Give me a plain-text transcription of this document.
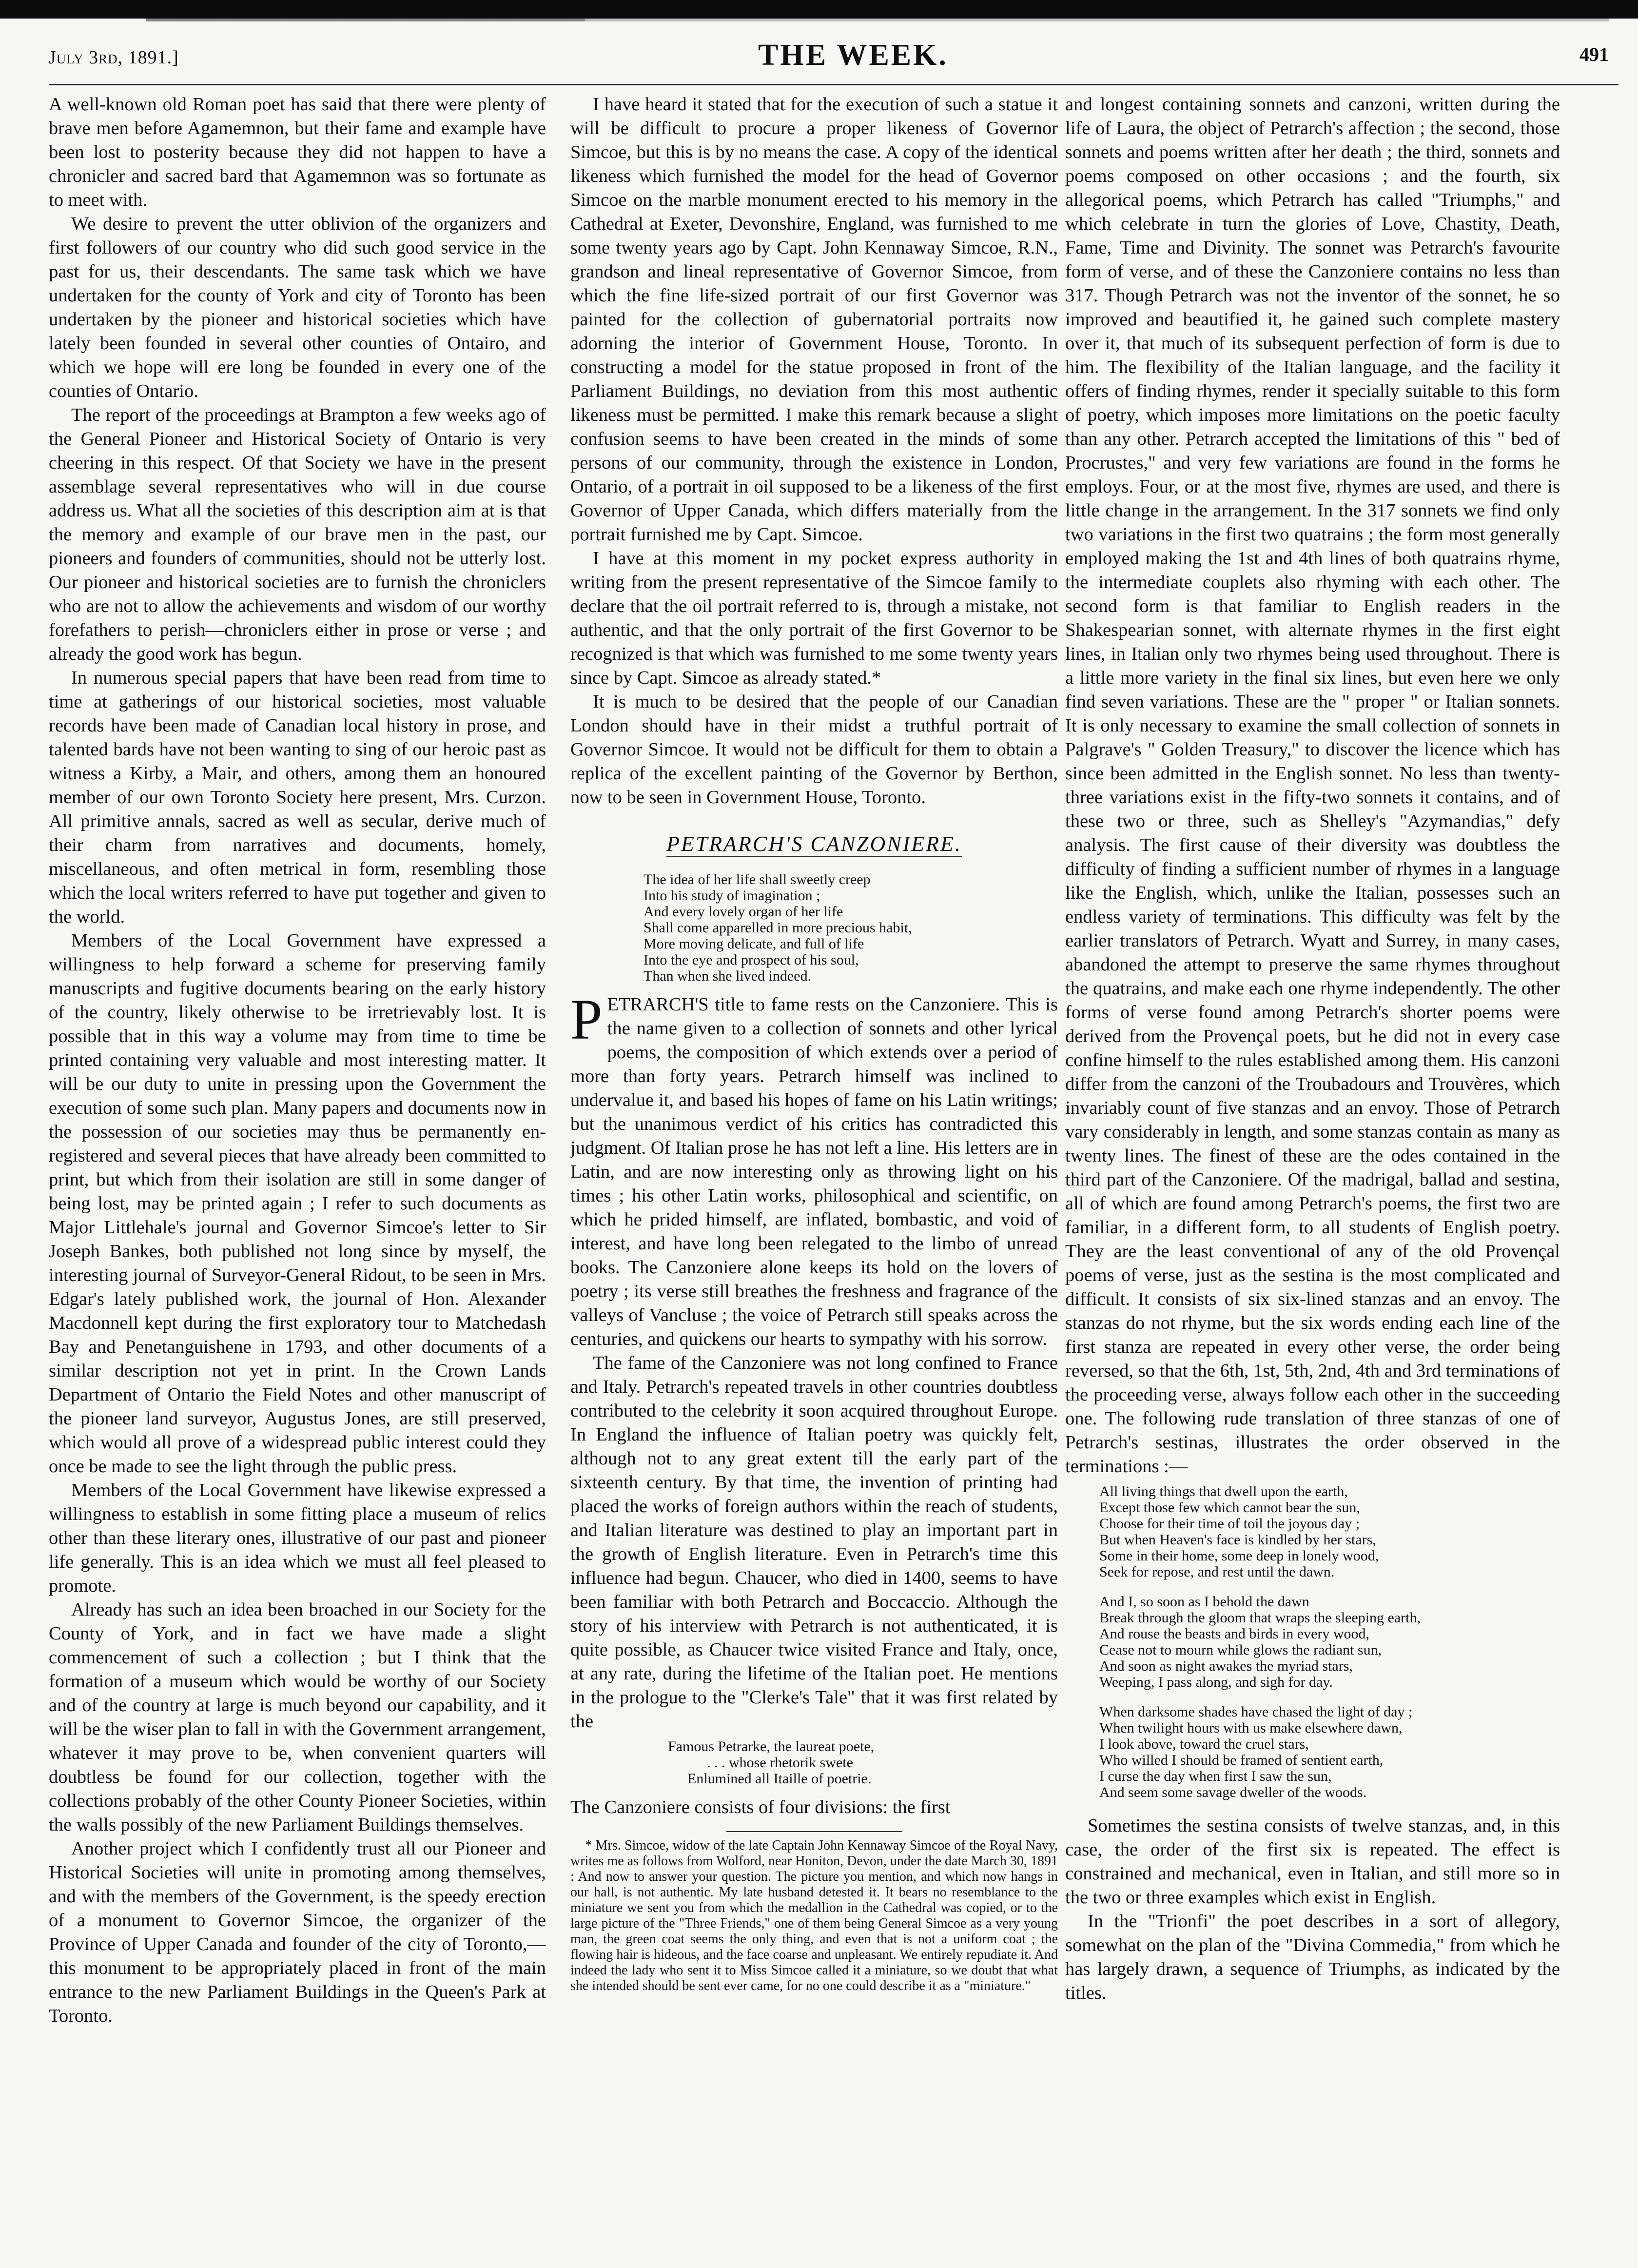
July 3rd, 1891.]	THE WEEK.	491

A well-known old Roman poet has said that there were plenty of brave men before Agamemnon, but their fame and example have been lost to posterity because they did not happen to have a chronicler and sacred bard that Agamemnon was so fortunate as to meet with.

We desire to prevent the utter oblivion of the organizers and first followers of our country who did such good service in the past for us, their descendants. The same task which we have undertaken for the county of York and city of Toronto has been undertaken by the pioneer and historical societies which have lately been founded in several other counties of Ontairo, and which we hope will ere long be founded in every one of the counties of Ontario.

The report of the proceedings at Brampton a few weeks ago of the General Pioneer and Historical Society of Ontario is very cheering in this respect. Of that Society we have in the present assemblage several representatives who will in due course address us. What all the societies of this description aim at is that the memory and example of our brave men in the past, our pioneers and founders of communities, should not be utterly lost. Our pioneer and historical societies are to furnish the chroniclers who are not to allow the achievements and wisdom of our worthy forefathers to perish—chroniclers either in prose or verse ; and already the good work has begun.

In numerous special papers that have been read from time to time at gatherings of our historical societies, most valuable records have been made of Canadian local history in prose, and talented bards have not been wanting to sing of our heroic past as witness a Kirby, a Mair, and others, among them an honoured member of our own Toronto Society here present, Mrs. Curzon. All primitive annals, sacred as well as secular, derive much of their charm from narratives and documents, homely, miscellaneous, and often metrical in form, resembling those which the local writers referred to have put together and given to the world.

Members of the Local Government have expressed a willingness to help forward a scheme for preserving family manuscripts and fugitive documents bearing on the early history of the country, likely otherwise to be irretrievably lost. It is possible that in this way a volume may from time to time be printed containing very valuable and most interesting matter. It will be our duty to unite in pressing upon the Government the execution of some such plan. Many papers and documents now in the possession of our societies may thus be permanently en-registered and several pieces that have already been committed to print, but which from their isolation are still in some danger of being lost, may be printed again ; I refer to such documents as Major Littlehale's journal and Governor Simcoe's letter to Sir Joseph Bankes, both published not long since by myself, the interesting journal of Surveyor-General Ridout, to be seen in Mrs. Edgar's lately published work, the journal of Hon. Alexander Macdonnell kept during the first exploratory tour to Matchedash Bay and Penetanguishene in 1793, and other documents of a similar description not yet in print. In the Crown Lands Department of Ontario the Field Notes and other manuscript of the pioneer land surveyor, Augustus Jones, are still preserved, which would all prove of a widespread public interest could they once be made to see the light through the public press.

Members of the Local Government have likewise expressed a willingness to establish in some fitting place a museum of relics other than these literary ones, illustrative of our past and pioneer life generally. This is an idea which we must all feel pleased to promote.

Already has such an idea been broached in our Society for the County of York, and in fact we have made a slight commencement of such a collection ; but I think that the formation of a museum which would be worthy of our Society and of the country at large is much beyond our capability, and it will be the wiser plan to fall in with the Government arrangement, whatever it may prove to be, when convenient quarters will doubtless be found for our collection, together with the collections probably of the other County Pioneer Societies, within the walls possibly of the new Parliament Buildings themselves.

Another project which I confidently trust all our Pioneer and Historical Societies will unite in promoting among themselves, and with the members of the Government, is the speedy erection of a monument to Governor Simcoe, the organizer of the Province of Upper Canada and founder of the city of Toronto,—this monument to be appropriately placed in front of the main entrance to the new Parliament Buildings in the Queen's Park at Toronto.

I have heard it stated that for the execution of such a statue it will be difficult to procure a proper likeness of Governor Simcoe, but this is by no means the case. A copy of the identical likeness which furnished the model for the head of Governor Simcoe on the marble monument erected to his memory in the Cathedral at Exeter, Devonshire, England, was furnished to me some twenty years ago by Capt. John Kennaway Simcoe, R.N., grandson and lineal representative of Governor Simcoe, from which the fine life-sized portrait of our first Governor was painted for the collection of gubernatorial portraits now adorning the interior of Government House, Toronto. In constructing a model for the statue proposed in front of the Parliament Buildings, no deviation from this most authentic likeness must be permitted. I make this remark because a slight confusion seems to have been created in the minds of some persons of our community, through the existence in London, Ontario, of a portrait in oil supposed to be a likeness of the first Governor of Upper Canada, which differs materially from the portrait furnished me by Capt. Simcoe.

I have at this moment in my pocket express authority in writing from the present representative of the Simcoe family to declare that the oil portrait referred to is, through a mistake, not authentic, and that the only portrait of the first Governor to be recognized is that which was furnished to me some twenty years since by Capt. Simcoe as already stated.*

It is much to be desired that the people of our Canadian London should have in their midst a truthful portrait of Governor Simcoe. It would not be difficult for them to obtain a replica of the excellent painting of the Governor by Berthon, now to be seen in Government House, Toronto.

PETRARCH'S CANZONIERE.
The idea of her life shall sweetly creep
Into his study of imagination ;
And every lovely organ of her life
Shall come apparelled in more precious habit,
More moving delicate, and full of life
Into the eye and prospect of his soul,
Than when she lived indeed.

PETRARCH'S title to fame rests on the Canzoniere. This is the name given to a collection of sonnets and other lyrical poems, the composition of which extends over a period of more than forty years. Petrarch himself was inclined to undervalue it, and based his hopes of fame on his Latin writings; but the unanimous verdict of his critics has contradicted this judgment. Of Italian prose he has not left a line. His letters are in Latin, and are now interesting only as throwing light on his times ; his other Latin works, philosophical and scientific, on which he prided himself, are inflated, bombastic, and void of interest, and have long been relegated to the limbo of unread books. The Canzoniere alone keeps its hold on the lovers of poetry ; its verse still breathes the freshness and fragrance of the valleys of Vancluse ; the voice of Petrarch still speaks across the centuries, and quickens our hearts to sympathy with his sorrow.

The fame of the Canzoniere was not long confined to France and Italy. Petrarch's repeated travels in other countries doubtless contributed to the celebrity it soon acquired throughout Europe. In England the influence of Italian poetry was quickly felt, although not to any great extent till the early part of the sixteenth century. By that time, the invention of printing had placed the works of foreign authors within the reach of students, and Italian literature was destined to play an important part in the growth of English literature. Even in Petrarch's time this influence had begun. Chaucer, who died in 1400, seems to have been familiar with both Petrarch and Boccaccio. Although the story of his interview with Petrarch is not authenticated, it is quite possible, as Chaucer twice visited France and Italy, once, at any rate, during the lifetime of the Italian poet. He mentions in the prologue to the "Clerke's Tale" that it was first related by the

Famous Petrarke, the laureat poete,
. . . whose rhetorik swete
Enlumined all Itaille of poetrie.

The Canzoniere consists of four divisions: the first

* Mrs. Simcoe, widow of the late Captain John Kennaway Simcoe of the Royal Navy, writes me as follows from Wolford, near Honiton, Devon, under the date March 30, 1891 : And now to answer your question. The picture you mention, and which now hangs in our hall, is not authentic. My late husband detested it. It bears no resemblance to the miniature we sent you from which the medallion in the Cathedral was copied, or to the large picture of the "Three Friends," one of them being General Simcoe as a very young man, the green coat seems the only thing, and even that is not a uniform coat ; the flowing hair is hideous, and the face coarse and unpleasant. We entirely repudiate it. And indeed the lady who sent it to Miss Simcoe called it a miniature, so we doubt that what she intended should be sent ever came, for no one could describe it as a "miniature."

and longest containing sonnets and canzoni, written during the life of Laura, the object of Petrarch's affection ; the second, those sonnets and poems written after her death ; the third, sonnets and poems composed on other occasions ; and the fourth, six allegorical poems, which Petrarch has called "Triumphs," and which celebrate in turn the glories of Love, Chastity, Death, Fame, Time and Divinity. The sonnet was Petrarch's favourite form of verse, and of these the Canzoniere contains no less than 317. Though Petrarch was not the inventor of the sonnet, he so improved and beautified it, he gained such complete mastery over it, that much of its subsequent perfection of form is due to him. The flexibility of the Italian language, and the facility it offers of finding rhymes, render it specially suitable to this form of poetry, which imposes more limitations on the poetic faculty than any other. Petrarch accepted the limitations of this " bed of Procrustes," and very few variations are found in the forms he employs. Four, or at the most five, rhymes are used, and there is little change in the arrangement. In the 317 sonnets we find only two variations in the first two quatrains ; the form most generally employed making the 1st and 4th lines of both quatrains rhyme, the intermediate couplets also rhyming with each other. The second form is that familiar to English readers in the Shakespearian sonnet, with alternate rhymes in the first eight lines, in Italian only two rhymes being used throughout. There is a little more variety in the final six lines, but even here we only find seven variations. These are the " proper " or Italian sonnets. It is only necessary to examine the small collection of sonnets in Palgrave's " Golden Treasury," to discover the licence which has since been admitted in the English sonnet. No less than twenty-three variations exist in the fifty-two sonnets it contains, and of these two or three, such as Shelley's "Azymandias," defy analysis. The first cause of their diversity was doubtless the difficulty of finding a sufficient number of rhymes in a language like the English, which, unlike the Italian, possesses such an endless variety of terminations. This difficulty was felt by the earlier translators of Petrarch. Wyatt and Surrey, in many cases, abandoned the attempt to preserve the same rhymes throughout the quatrains, and make each one rhyme independently. The other forms of verse found among Petrarch's shorter poems were derived from the Provençal poets, but he did not in every case confine himself to the rules established among them. His canzoni differ from the canzoni of the Troubadours and Trouvères, which invariably count of five stanzas and an envoy. Those of Petrarch vary considerably in length, and some stanzas contain as many as twenty lines. The finest of these are the odes contained in the third part of the Canzoniere. Of the madrigal, ballad and sestina, all of which are found among Petrarch's poems, the first two are familiar, in a different form, to all students of English poetry. They are the least conventional of any of the old Provençal poems of verse, just as the sestina is the most complicated and difficult. It consists of six six-lined stanzas and an envoy. The stanzas do not rhyme, but the six words ending each line of the first stanza are repeated in every other verse, the order being reversed, so that the 6th, 1st, 5th, 2nd, 4th and 3rd terminations of the proceeding verse, always follow each other in the succeeding one. The following rude translation of three stanzas of one of Petrarch's sestinas, illustrates the order observed in the terminations :—

All living things that dwell upon the earth,
Except those few which cannot bear the sun,
Choose for their time of toil the joyous day ;
But when Heaven's face is kindled by her stars,
Some in their home, some deep in lonely wood,
Seek for repose, and rest until the dawn.
And I, so soon as I behold the dawn
Break through the gloom that wraps the sleeping earth,
And rouse the beasts and birds in every wood,
Cease not to mourn while glows the radiant sun,
And soon as night awakes the myriad stars,
Weeping, I pass along, and sigh for day.
When darksome shades have chased the light of day ;
When twilight hours with us make elsewhere dawn,
I look above, toward the cruel stars,
Who willed I should be framed of sentient earth,
I curse the day when first I saw the sun,
And seem some savage dweller of the woods.

Sometimes the sestina consists of twelve stanzas, and, in this case, the order of the first six is repeated. The effect is constrained and mechanical, even in Italian, and still more so in the two or three examples which exist in English.

In the "Trionfi" the poet describes in a sort of allegory, somewhat on the plan of the "Divina Commedia," from which he has largely drawn, a sequence of Triumphs, as indicated by the titles.
